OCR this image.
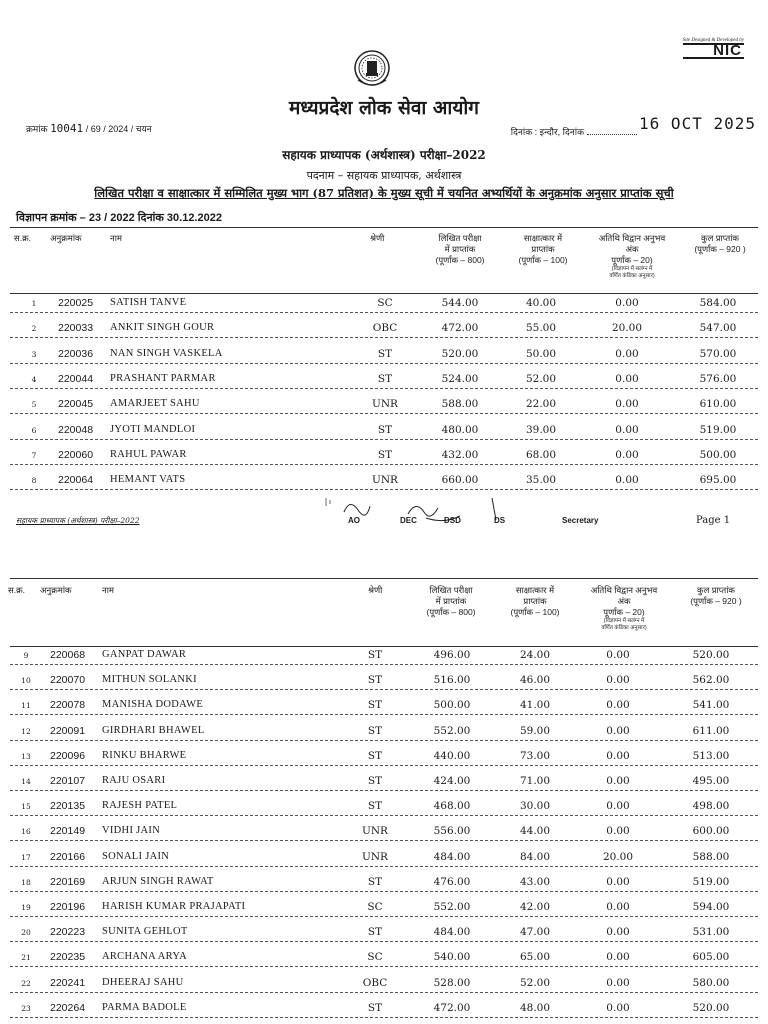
Site Designed & Developed by
NIC
मध्यप्रदेश लोक सेवा आयोग
क्रमांक 10041 / 69 / 2024 / चयन	दिनांक : इन्दौर, दिनांक	16 OCT 2025
सहायक प्राध्यापक (अर्थशास्त्र) परीक्षा–2022
पदनाम – सहायक प्राध्यापक, अर्थशास्त्र
लिखित परीक्षा व साक्षात्कार में सम्मिलित मुख्य भाग (87 प्रतिशत) के मुख्य सूची में चयनित अभ्यर्थियों के अनुक्रमांक अनुसार प्राप्तांक सूची
विज्ञापन क्रमांक – 23 / 2022 दिनांक 30.12.2022
स.क्र. अनुक्रमांक	नाम	श्रेणी	लिखित परीक्षा
में प्राप्तांक
(पूर्णांक – 800)
साक्षात्कार में
प्राप्तांक
(पूर्णांक – 100)
अतिथि विद्वान अनुभव
अंक
पूर्णांक – 20)
(विज्ञापन में सलंग्न में
वर्णित कंडिका अनुसार)
कुल प्राप्तांक
(पूर्णांक – 920 )
1	220025 SATISH TANVE	SC	544.00	40.00	0.00	584.00
2	220033 ANKIT SINGH GOUR	OBC	472.00	55.00	20.00	547.00
3	220036 NAN SINGH VASKELA	ST	520.00	50.00	0.00	570.00
4	220044 PRASHANT PARMAR	ST	524.00	52.00	0.00	576.00
5	220045 AMARJEET SAHU	UNR	588.00	22.00	0.00	610.00
6	220048 JYOTI MANDLOI	ST	480.00	39.00	0.00	519.00
7	220060 RAHUL PAWAR	ST	432.00	68.00	0.00	500.00
8	220064 HEMANT VATS	UNR	660.00	35.00	0.00	695.00
सहायक प्राध्यापक (अर्थशास्त्र) परीक्षा–2022	AO	DEC	DSD	DS	Secretary	Page 1
स.क्र. अनुक्रमांक	नाम	श्रेणी	लिखित परीक्षा
में प्राप्तांक
(पूर्णांक – 800)
साक्षात्कार में
प्राप्तांक
(पूर्णांक – 100)
अतिथि विद्वान अनुभव
अंक
पूर्णांक – 20)
(विज्ञापन में सलंग्न में
वर्णित कंडिका अनुसार)
कुल प्राप्तांक
(पूर्णांक – 920 )
9	220068 GANPAT DAWAR	ST	496.00	24.00	0.00	520.00
10	220070 MITHUN SOLANKI	ST	516.00	46.00	0.00	562.00
11	220078 MANISHA DODAWE	ST	500.00	41.00	0.00	541.00
12	220091 GIRDHARI BHAWEL	ST	552.00	59.00	0.00	611.00
13	220096 RINKU BHARWE	ST	440.00	73.00	0.00	513.00
14	220107 RAJU OSARI	ST	424.00	71.00	0.00	495.00
15	220135 RAJESH PATEL	ST	468.00	30.00	0.00	498.00
16	220149 VIDHI JAIN	UNR	556.00	44.00	0.00	600.00
17	220166 SONALI JAIN	UNR	484.00	84.00	20.00	588.00
18	220169 ARJUN SINGH RAWAT	ST	476.00	43.00	0.00	519.00
19	220196 HARISH KUMAR PRAJAPATI	SC	552.00	42.00	0.00	594.00
20	220223 SUNITA GEHLOT	ST	484.00	47.00	0.00	531.00
21	220235 ARCHANA ARYA	SC	540.00	65.00	0.00	605.00
22	220241 DHEERAJ SAHU	OBC	528.00	52.00	0.00	580.00
23	220264 PARMA BADOLE	ST	472.00	48.00	0.00	520.00
